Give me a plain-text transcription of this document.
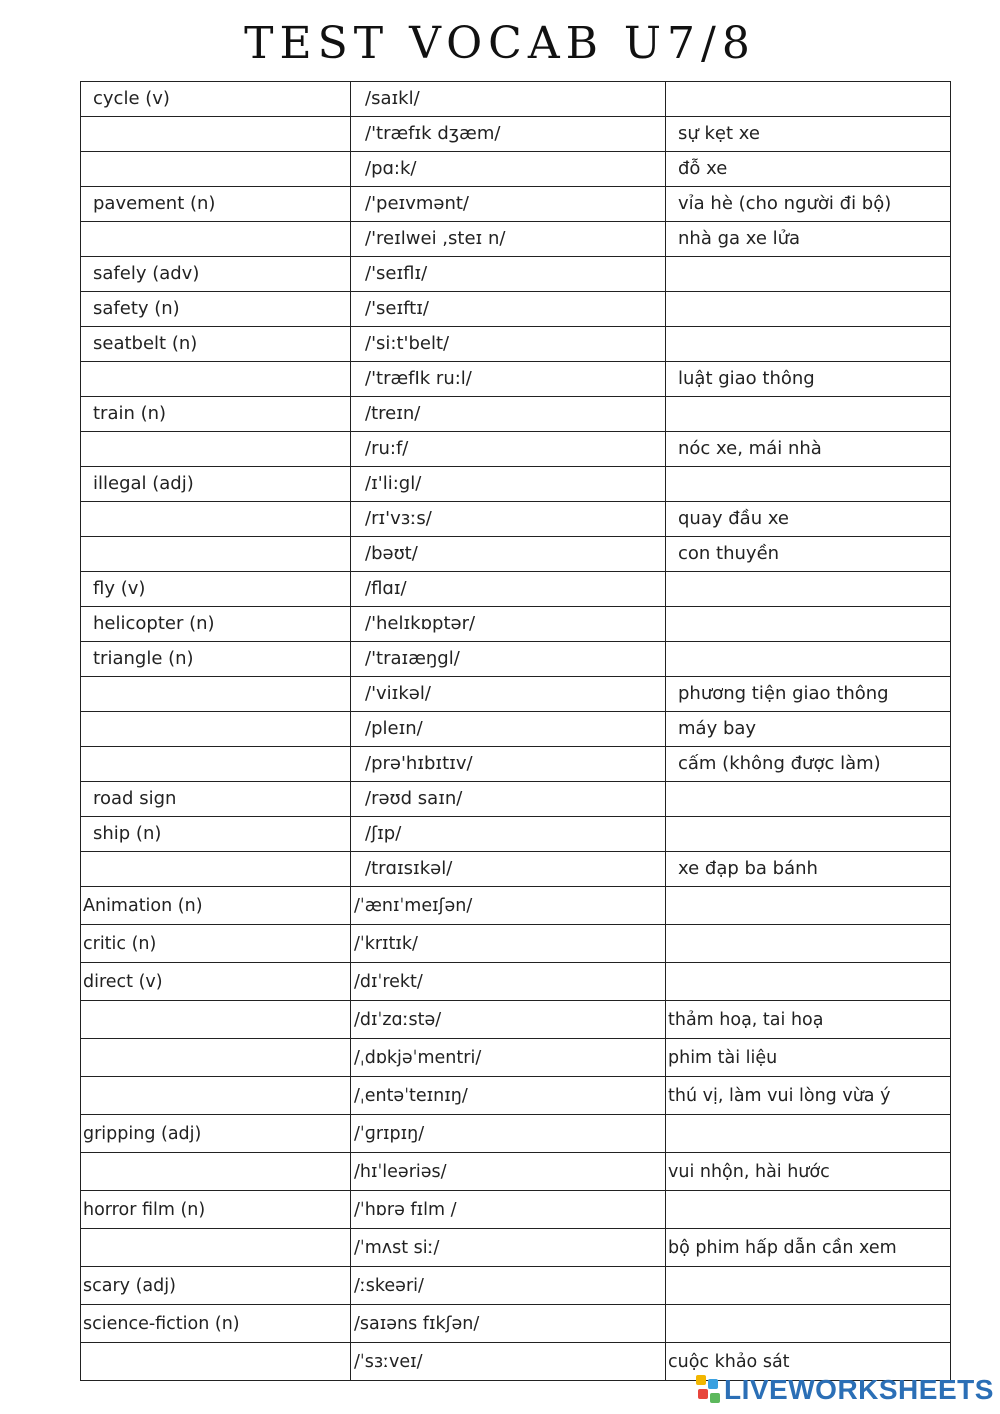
TEST VOCAB U7/8
cycle (v)	/saɪkl/	
	/'træfɪk dʒæm/	sự kẹt xe
	/pɑ:k/	đỗ xe
pavement (n)	/'peɪvmənt/	vỉa hè (cho người đi bộ)
	/'reɪlwei ,steɪ n/	nhà ga xe lửa
safely (adv)	/'seɪflɪ/	
safety (n)	/'seɪftɪ/	
seatbelt (n)	/'si:t'belt/	
	/'træfIk ru:l/	luật giao thông
train (n)	/treɪn/	
	/ru:f/	nóc xe, mái nhà
illegal (adj)	/ɪ'li:gl/	
	/rɪ'vɜːs/	quay đầu xe
	/bəʊt/	con thuyền
fly (v)	/flɑɪ/	
helicopter (n)	/'helɪkɒptər/	
triangle (n)	/'traɪæŋgl/	
	/'viɪkəl/	phương tiện giao thông
	/pleɪn/	máy bay
	/prə'hɪbɪtɪv/	cấm (không được làm)
road sign	/rəʊd saɪn/	
ship (n)	/ʃɪp/	
	/trɑɪsɪkəl/	xe đạp ba bánh
Animation (n)	/ˈænɪˈmeɪʃən/	
critic (n)	/ˈkrɪtɪk/	
direct (v)	/dɪˈrekt/	
	/dɪˈzɑːstə/	thảm hoạ, tai hoạ
	/ˌdɒkjəˈmentri/	phim tài liệu
	/ˌentəˈteɪnɪŋ/	thú vị, làm vui lòng vừa ý
gripping (adj)	/ˈɡrɪpɪŋ/	
	/hɪˈleəriəs/	vui nhộn, hài hước
horror film (n)	/ˈhɒrə fɪlm /	
	/ˈmʌst siː/	bộ phim hấp dẫn cần xem
scary (adj)	/ːskeəri/	
science-fiction (n)	/saɪəns fɪkʃən/	
	/ˈsɜːveɪ/	cuộc khảo sát
LIVEWORKSHEETS
